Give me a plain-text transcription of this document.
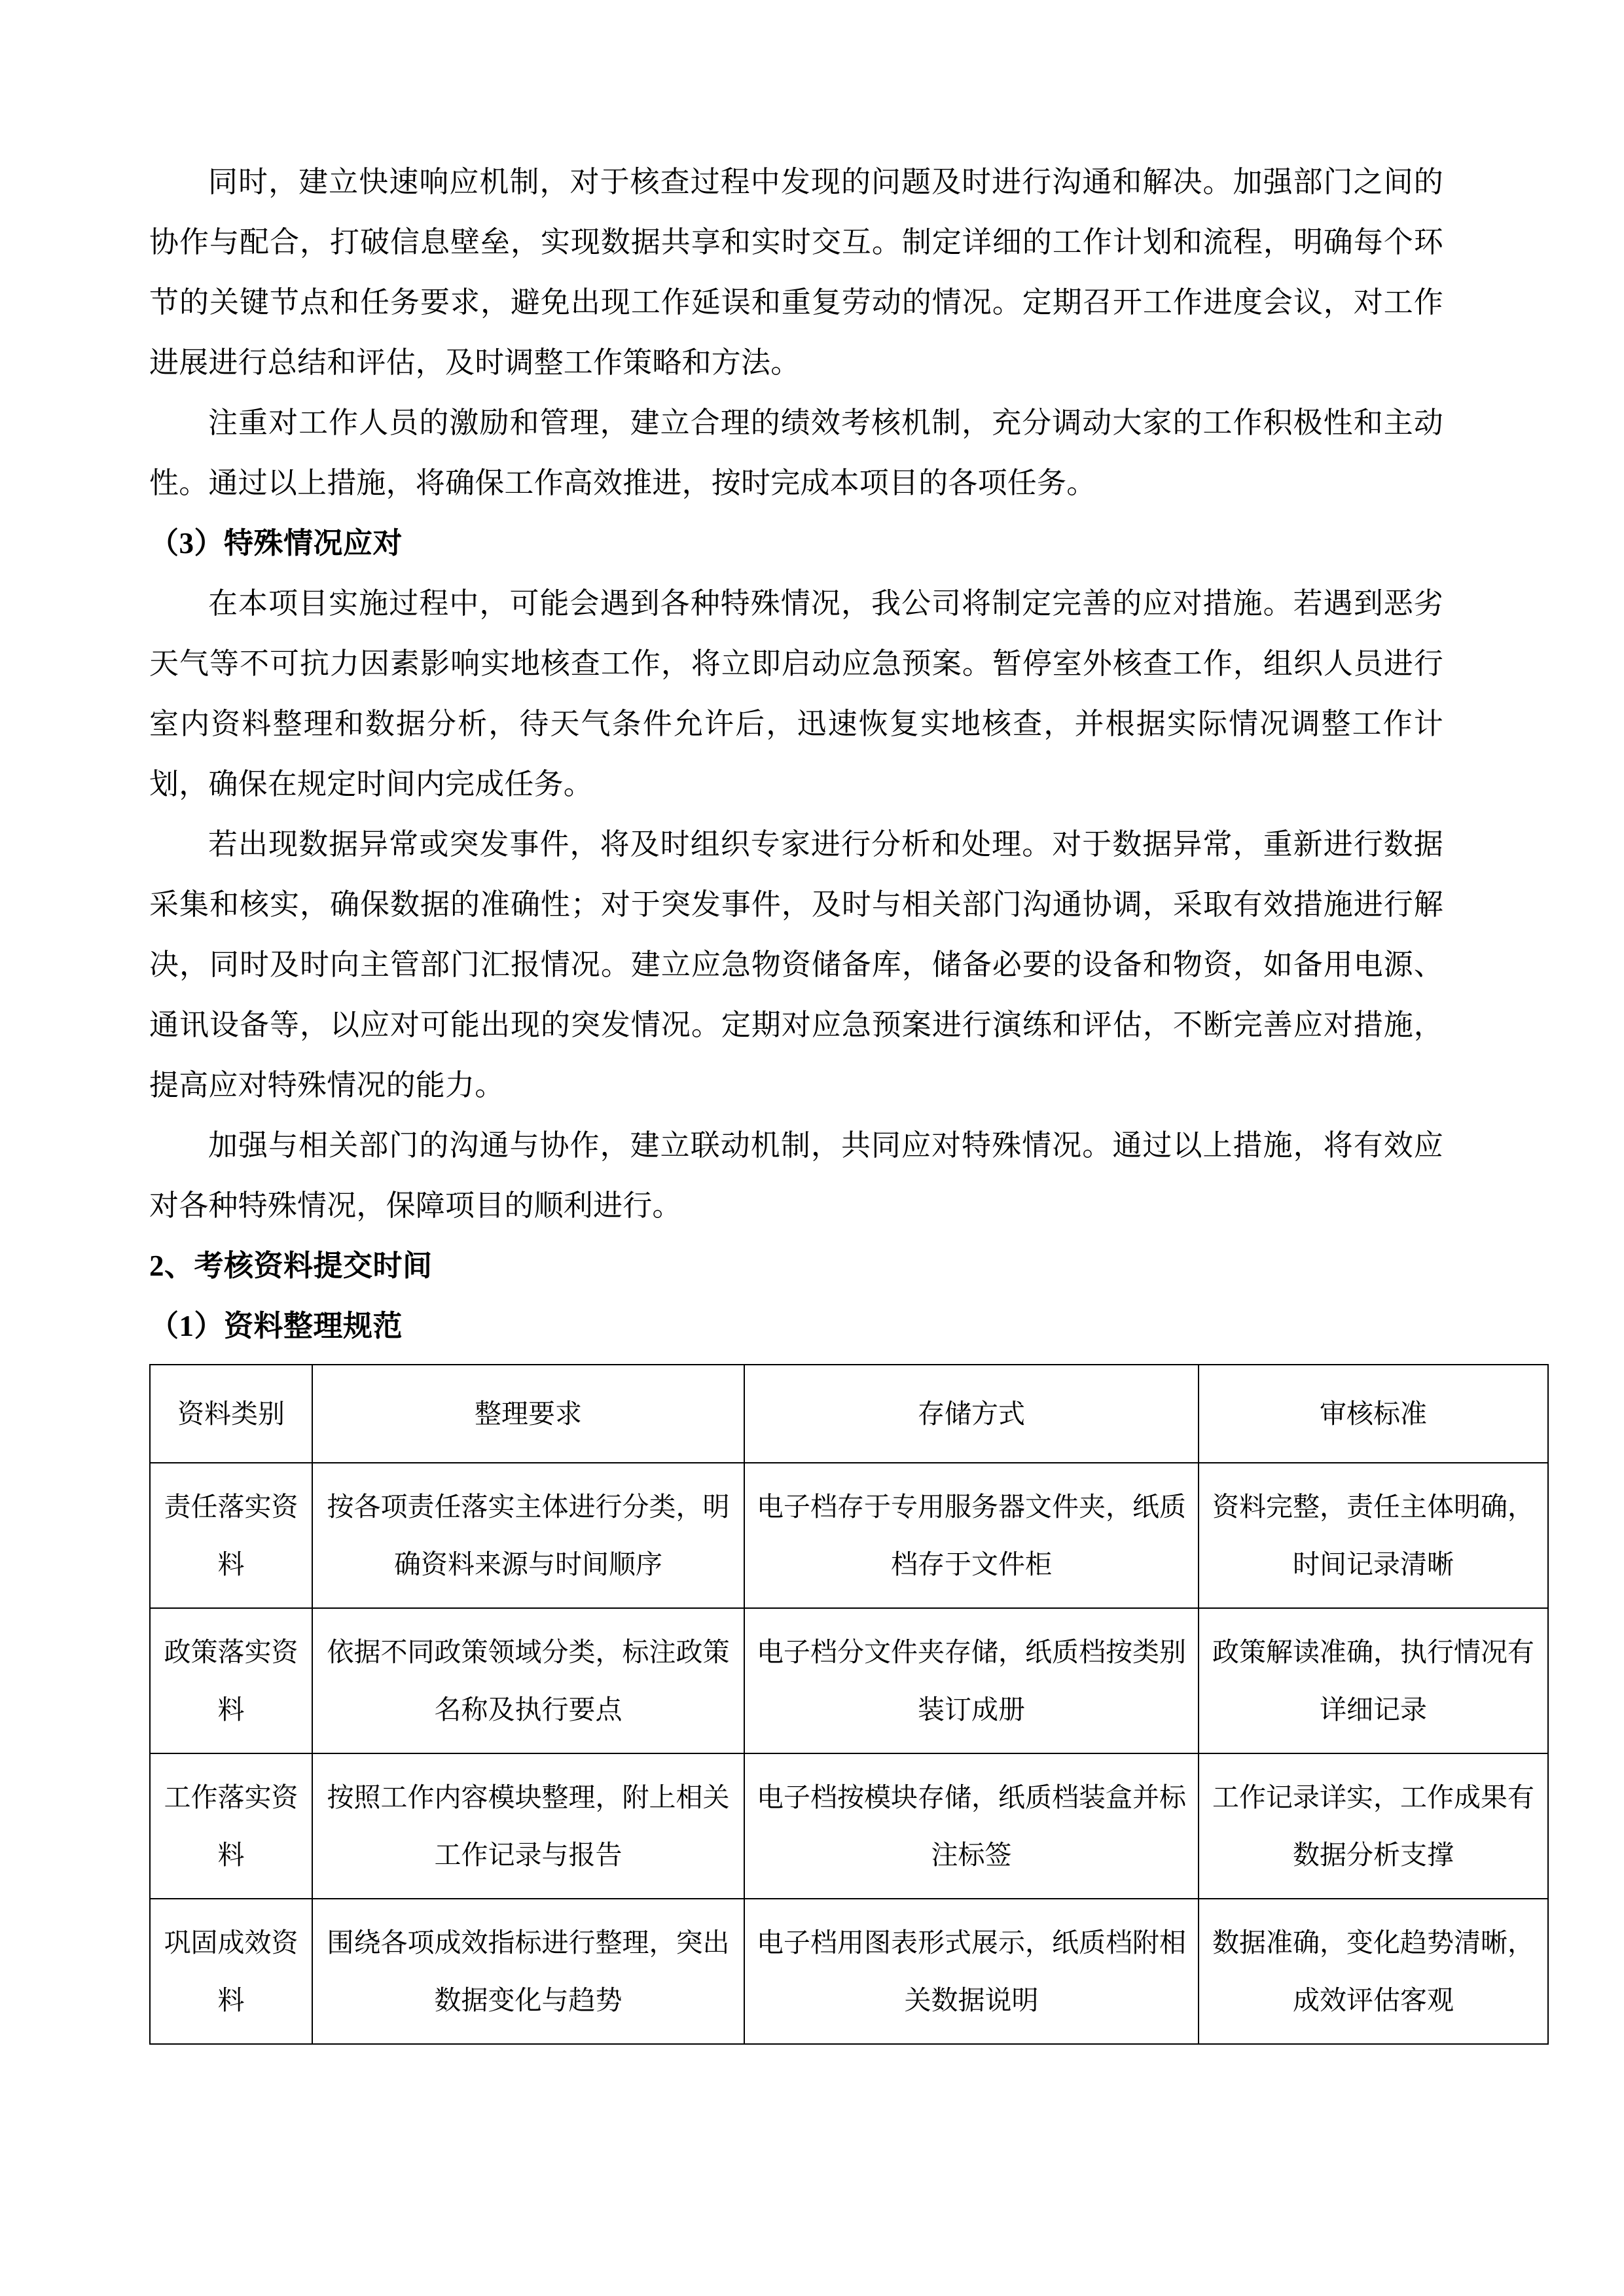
同时，建立快速响应机制，对于核查过程中发现的问题及时进行沟通和解决。加强部门之间的协作与配合，打破信息壁垒，实现数据共享和实时交互。制定详细的工作计划和流程，明确每个环节的关键节点和任务要求，避免出现工作延误和重复劳动的情况。定期召开工作进度会议，对工作进展进行总结和评估，及时调整工作策略和方法。

注重对工作人员的激励和管理，建立合理的绩效考核机制，充分调动大家的工作积极性和主动性。通过以上措施，将确保工作高效推进，按时完成本项目的各项任务。

（3）特殊情况应对

在本项目实施过程中，可能会遇到各种特殊情况，我公司将制定完善的应对措施。若遇到恶劣天气等不可抗力因素影响实地核查工作，将立即启动应急预案。暂停室外核查工作，组织人员进行室内资料整理和数据分析，待天气条件允许后，迅速恢复实地核查，并根据实际情况调整工作计划，确保在规定时间内完成任务。

若出现数据异常或突发事件，将及时组织专家进行分析和处理。对于数据异常，重新进行数据采集和核实，确保数据的准确性；对于突发事件，及时与相关部门沟通协调，采取有效措施进行解决，同时及时向主管部门汇报情况。建立应急物资储备库，储备必要的设备和物资，如备用电源、通讯设备等，以应对可能出现的突发情况。定期对应急预案进行演练和评估，不断完善应对措施，提高应对特殊情况的能力。

加强与相关部门的沟通与协作，建立联动机制，共同应对特殊情况。通过以上措施，将有效应对各种特殊情况，保障项目的顺利进行。

2、考核资料提交时间
（1）资料整理规范
资料类别	整理要求	存储方式	审核标准
责任落实资料	按各项责任落实主体进行分类，明确资料来源与时间顺序	电子档存于专用服务器文件夹，纸质档存于文件柜	资料完整，责任主体明确，时间记录清晰
政策落实资料	依据不同政策领域分类，标注政策名称及执行要点	电子档分文件夹存储，纸质档按类别装订成册	政策解读准确，执行情况有详细记录
工作落实资料	按照工作内容模块整理，附上相关工作记录与报告	电子档按模块存储，纸质档装盒并标注标签	工作记录详实，工作成果有数据分析支撑
巩固成效资料	围绕各项成效指标进行整理，突出数据变化与趋势	电子档用图表形式展示，纸质档附相关数据说明	数据准确，变化趋势清晰，成效评估客观
